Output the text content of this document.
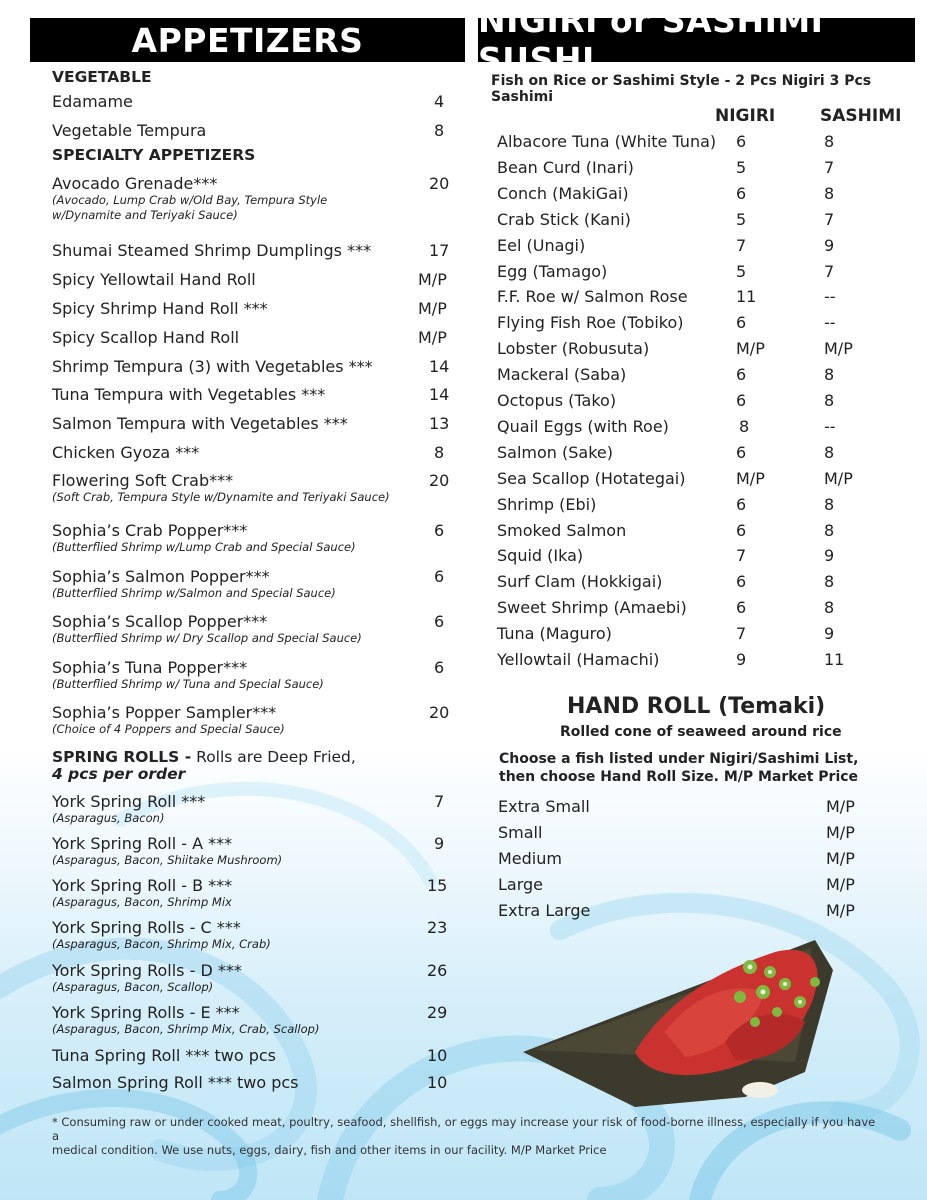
APPETIZERS	NIGIRI or SASHIMI SUSHI
VEGETABLE
Edamame	4
Vegetable Tempura	8
SPECIALTY APPETIZERS
Avocado Grenade***	20
(Avocado, Lump Crab w/Old Bay, Tempura Style
w/Dynamite and Teriyaki Sauce)
Shumai Steamed Shrimp Dumplings ***	17
Spicy Yellowtail Hand Roll	M/P
Spicy Shrimp Hand Roll ***	M/P
Spicy Scallop Hand Roll	M/P
Shrimp Tempura (3) with Vegetables ***	14
Tuna Tempura with Vegetables ***	14
Salmon Tempura with Vegetables ***	13
Chicken Gyoza ***	8
Flowering Soft Crab***	20
(Soft Crab, Tempura Style w/Dynamite and Teriyaki Sauce)
Sophia’s Crab Popper***	6
(Butterflied Shrimp w/Lump Crab and Special Sauce)
Sophia’s Salmon Popper***	6
(Butterflied Shrimp w/Salmon and Special Sauce)
Sophia’s Scallop Popper***	6
(Butterflied Shrimp w/ Dry Scallop and Special Sauce)
Sophia’s Tuna Popper***	6
(Butterflied Shrimp w/ Tuna and Special Sauce)
Sophia’s Popper Sampler***	20
(Choice of 4 Poppers and Special Sauce)
SPRING ROLLS - Rolls are Deep Fried,
4 pcs per order
York Spring Roll ***	7
(Asparagus, Bacon)
York Spring Roll - A ***	9
(Asparagus, Bacon, Shiitake Mushroom)
York Spring Roll - B ***	15
(Asparagus, Bacon, Shrimp Mix
York Spring Rolls - C ***	23
(Asparagus, Bacon, Shrimp Mix, Crab)
York Spring Rolls - D ***	26
(Asparagus, Bacon, Scallop)
York Spring Rolls - E ***	29
(Asparagus, Bacon, Shrimp Mix, Crab, Scallop)
Tuna Spring Roll *** two pcs	10
Salmon Spring Roll *** two pcs	10
Fish on Rice or Sashimi Style - 2 Pcs Nigiri 3 Pcs Sashimi
NIGIRI	SASHIMI
Albacore Tuna (White Tuna) 6	8
Bean Curd (Inari)	5	7
Conch (MakiGai)	6	8
Crab Stick (Kani)	5	7
Eel (Unagi)	7	9
Egg (Tamago)	5	7
F.F. Roe w/ Salmon Rose	11	--
Flying Fish Roe (Tobiko)	6	--
Lobster (Robusuta)	M/P	M/P
Mackeral (Saba)	6	8
Octopus (Tako)	6	8
Quail Eggs (with Roe)	8	--
Salmon (Sake)	6	8
Sea Scallop (Hotategai)	M/P	M/P
Shrimp (Ebi)	6	8
Smoked Salmon	6	8
Squid (Ika)	7	9
Surf Clam (Hokkigai)	6	8
Sweet Shrimp (Amaebi)	6	8
Tuna (Maguro)	7	9
Yellowtail (Hamachi)	9	11
HAND ROLL (Temaki)
Rolled cone of seaweed around rice
Choose a fish listed under Nigiri/Sashimi List,
then choose Hand Roll Size. M/P Market Price
Extra Small	M/P
Small	M/P
Medium	M/P
Large	M/P
Extra Large	M/P
* Consuming raw or under cooked meat, poultry, seafood, shellfish, or eggs may increase your risk of food-borne illness, especially if you have a
medical condition. We use nuts, eggs, dairy, fish and other items in our facility. M/P Market Price
